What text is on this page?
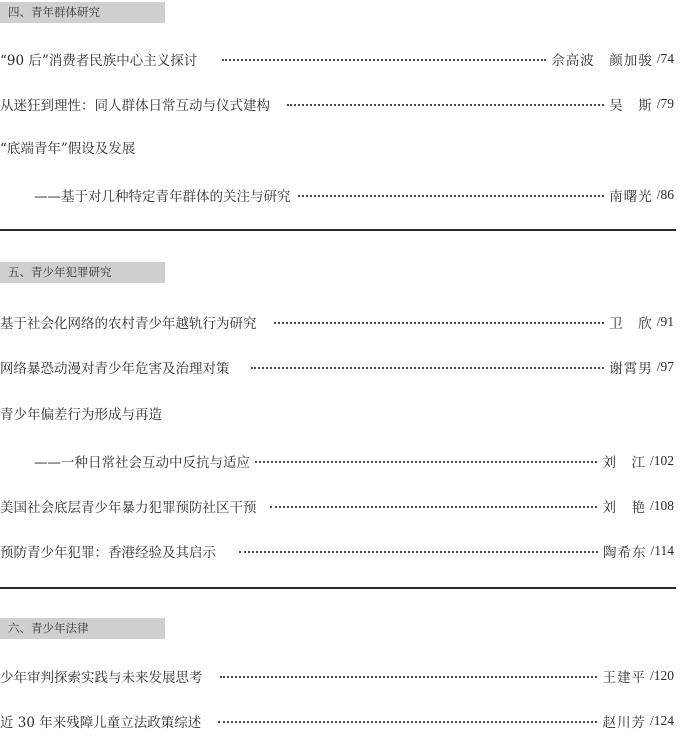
四、青年群体研究
“90 后”消费者民族中心主义探讨	佘高波　颜加骏 /74
从迷狂到理性：同人群体日常互动与仪式建构	吴　斯 /79
“底端青年”假设及发展
——基于对几种特定青年群体的关注与研究	南曙光 /86
五、青少年犯罪研究
基于社会化网络的农村青少年越轨行为研究	卫　欣 /91
网络暴恐动漫对青少年危害及治理对策	谢霄男 /97
青少年偏差行为形成与再造
——一种日常社会互动中反抗与适应	刘　江 /102
美国社会底层青少年暴力犯罪预防社区干预	刘　艳 /108
预防青少年犯罪：香港经验及其启示	陶希东 /114
六、青少年法律
少年审判探索实践与未来发展思考	王建平 /120
近 30 年来残障儿童立法政策综述	赵川芳 /124
